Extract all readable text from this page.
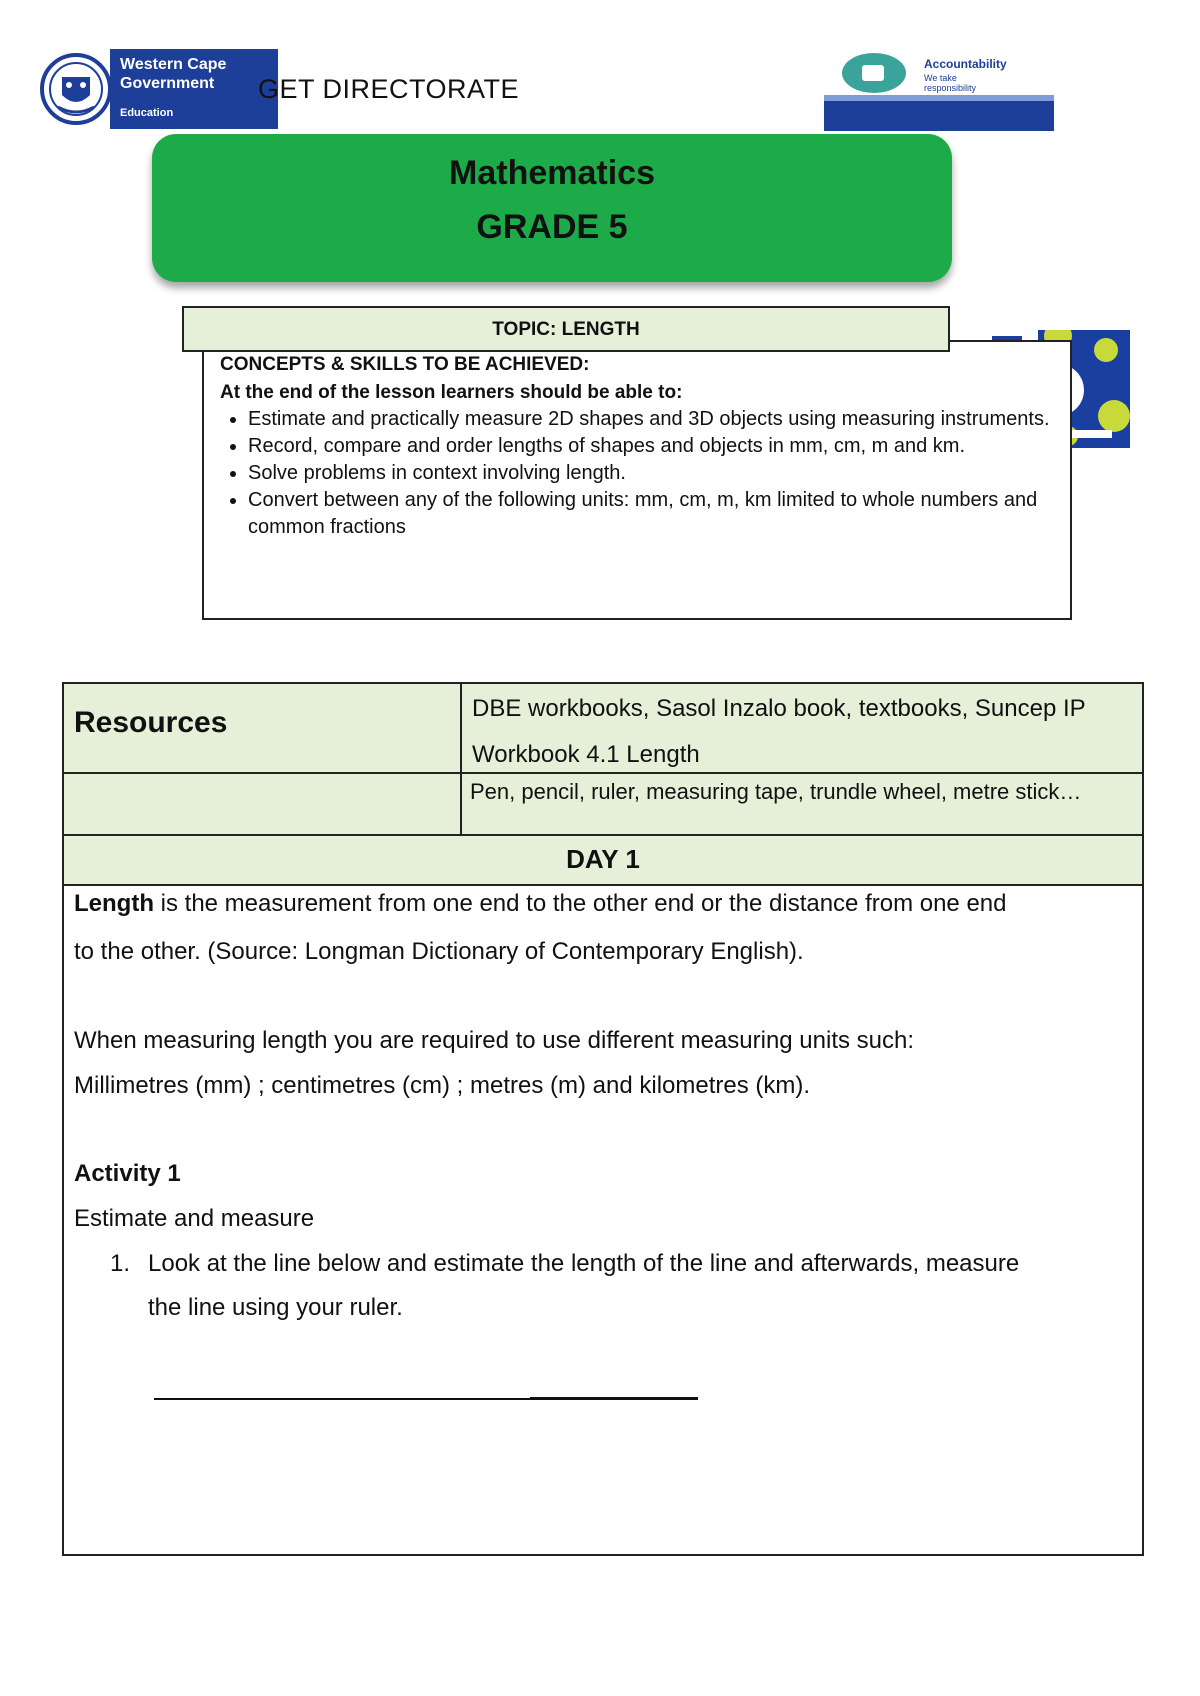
Western Cape
Government
Education
GET DIRECTORATE
Accountability
We take
responsibility
Mathematics
GRADE 5
TOPIC: LENGTH
CONCEPTS & SKILLS TO BE ACHIEVED:
At the end of the lesson learners should be able to:
• Estimate and practically measure 2D shapes and 3D objects using measuring instruments.
• Record, compare and order lengths of shapes and objects in mm, cm, m and km.
• Solve problems in context involving length.
• Convert between any of the following units: mm, cm, m, km limited to whole numbers and common fractions
Resources	DBE workbooks, Sasol Inzalo book, textbooks, Suncep IP Workbook 4.1 Length
Pen, pencil, ruler, measuring tape, trundle wheel, metre stick…
DAY 1
Length is the measurement from one end to the other end or the distance from one end
to the other. (Source: Longman Dictionary of Contemporary English).
When measuring length you are required to use different measuring units such:
Millimetres (mm) ; centimetres (cm) ; metres (m) and kilometres (km).
Activity 1
Estimate and measure
1. Look at the line below and estimate the length of the line and afterwards, measure
the line using your ruler.
